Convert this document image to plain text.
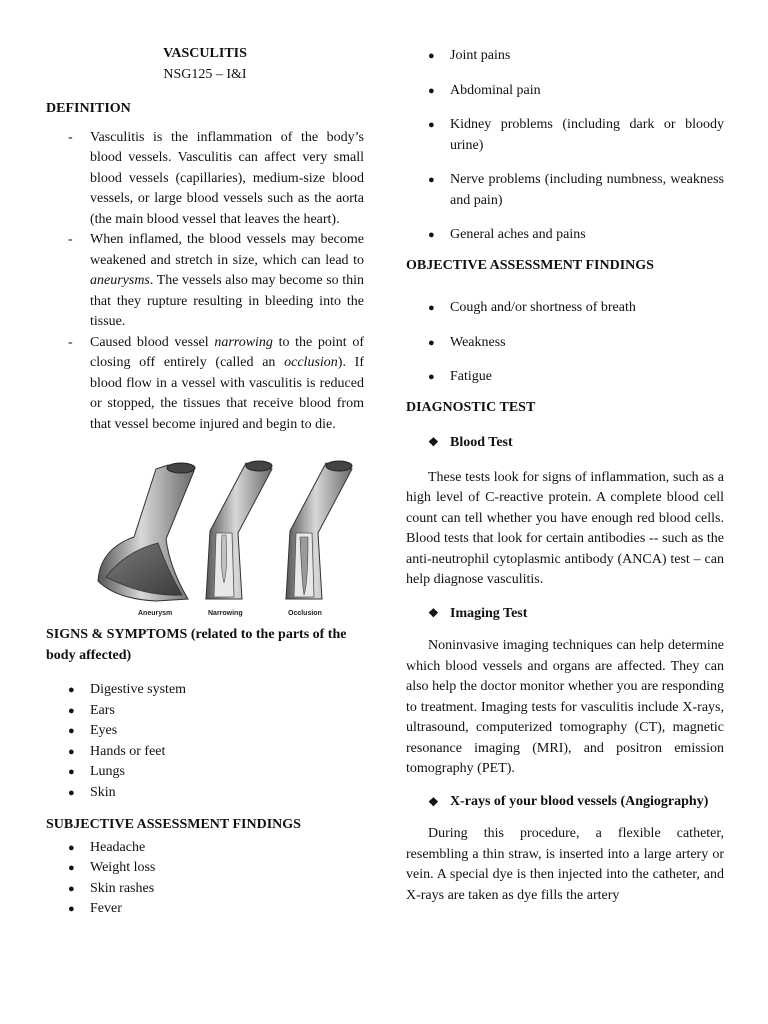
VASCULITIS
NSG125 – I&I
DEFINITION
- Vasculitis is the inflammation of the body’s blood vessels. Vasculitis can affect very small blood vessels (capillaries), medium-size blood vessels, or large blood vessels such as the aorta (the main blood vessel that leaves the heart).
- When inflamed, the blood vessels may become weakened and stretch in size, which can lead to aneurysms. The vessels also may become so thin that they rupture resulting in bleeding into the tissue.
- Caused blood vessel narrowing to the point of closing off entirely (called an occlusion). If blood flow in a vessel with vasculitis is reduced or stopped, the tissues that receive blood from that vessel become injured and begin to die.
Aneurysm	Narrowing	Occlusion
SIGNS & SYMPTOMS (related to the parts of the body affected)
● Digestive system
● Ears
● Eyes
● Hands or feet
● Lungs
● Skin
SUBJECTIVE ASSESSMENT FINDINGS
● Headache
● Weight loss
● Skin rashes
● Fever
● Joint pains
● Abdominal pain
● Kidney problems (including dark or bloody urine)
● Nerve problems (including numbness, weakness and pain)
● General aches and pains
OBJECTIVE ASSESSMENT FINDINGS
● Cough and/or shortness of breath
● Weakness
● Fatigue
DIAGNOSTIC TEST
❖ Blood Test

These tests look for signs of inflammation, such as a high level of C-reactive protein. A complete blood cell count can tell whether you have enough red blood cells. Blood tests that look for certain antibodies -- such as the anti-neutrophil cytoplasmic antibody (ANCA) test – can help diagnose vasculitis.

❖ Imaging Test

Noninvasive imaging techniques can help determine which blood vessels and organs are affected. They can also help the doctor monitor whether you are responding to treatment. Imaging tests for vasculitis include X-rays, ultrasound, computerized tomography (CT), magnetic resonance imaging (MRI), and positron emission tomography (PET).

❖ X-rays of your blood vessels (Angiography)

During this procedure, a flexible catheter, resembling a thin straw, is inserted into a large artery or vein. A special dye is then injected into the catheter, and X-rays are taken as dye fills the artery
